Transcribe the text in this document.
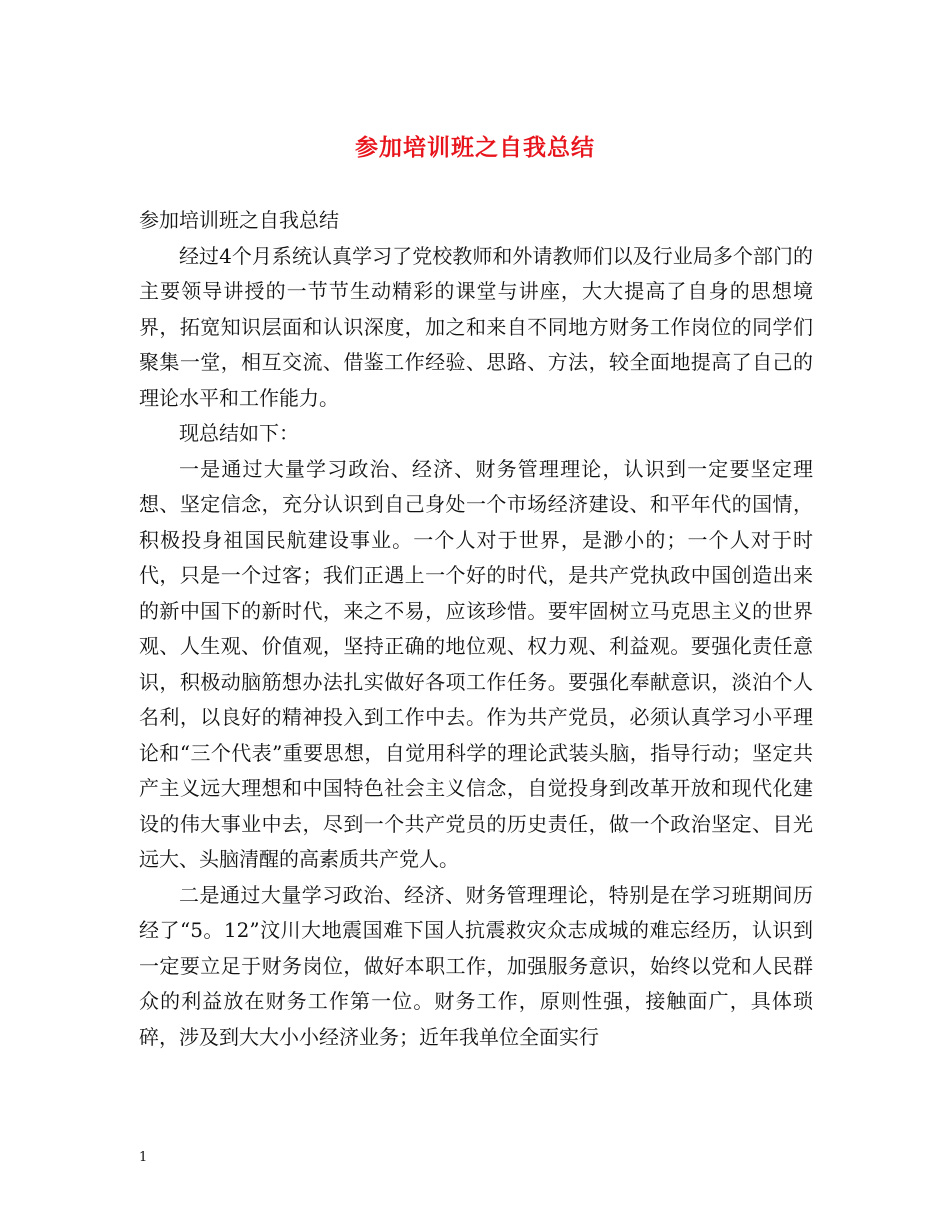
参加培训班之自我总结

参加培训班之自我总结

经过4个月系统认真学习了党校教师和外请教师们以及行业局多个部门的主要领导讲授的一节节生动精彩的课堂与讲座，大大提高了自身的思想境界，拓宽知识层面和认识深度，加之和来自不同地方财务工作岗位的同学们聚集一堂，相互交流、借鉴工作经验、思路、方法，较全面地提高了自己的理论水平和工作能力。

现总结如下：

一是通过大量学习政治、经济、财务管理理论，认识到一定要坚定理想、坚定信念，充分认识到自己身处一个市场经济建设、和平年代的国情，积极投身祖国民航建设事业。一个人对于世界，是渺小的；一个人对于时代，只是一个过客；我们正遇上一个好的时代，是共产党执政中国创造出来的新中国下的新时代，来之不易，应该珍惜。要牢固树立马克思主义的世界观、人生观、价值观，坚持正确的地位观、权力观、利益观。要强化责任意识，积极动脑筋想办法扎实做好各项工作任务。要强化奉献意识，淡泊个人名利，以良好的精神投入到工作中去。作为共产党员，必须认真学习小平理论和“三个代表”重要思想，自觉用科学的理论武装头脑，指导行动；坚定共产主义远大理想和中国特色社会主义信念，自觉投身到改革开放和现代化建设的伟大事业中去，尽到一个共产党员的历史责任，做一个政治坚定、目光远大、头脑清醒的高素质共产党人。

二是通过大量学习政治、经济、财务管理理论，特别是在学习班期间历经了“5。12”汶川大地震国难下国人抗震救灾众志成城的难忘经历，认识到一定要立足于财务岗位，做好本职工作，加强服务意识，始终以党和人民群众的利益放在财务工作第一位。财务工作，原则性强，接触面广，具体琐碎，涉及到大大小小经济业务；近年我单位全面实行

1
